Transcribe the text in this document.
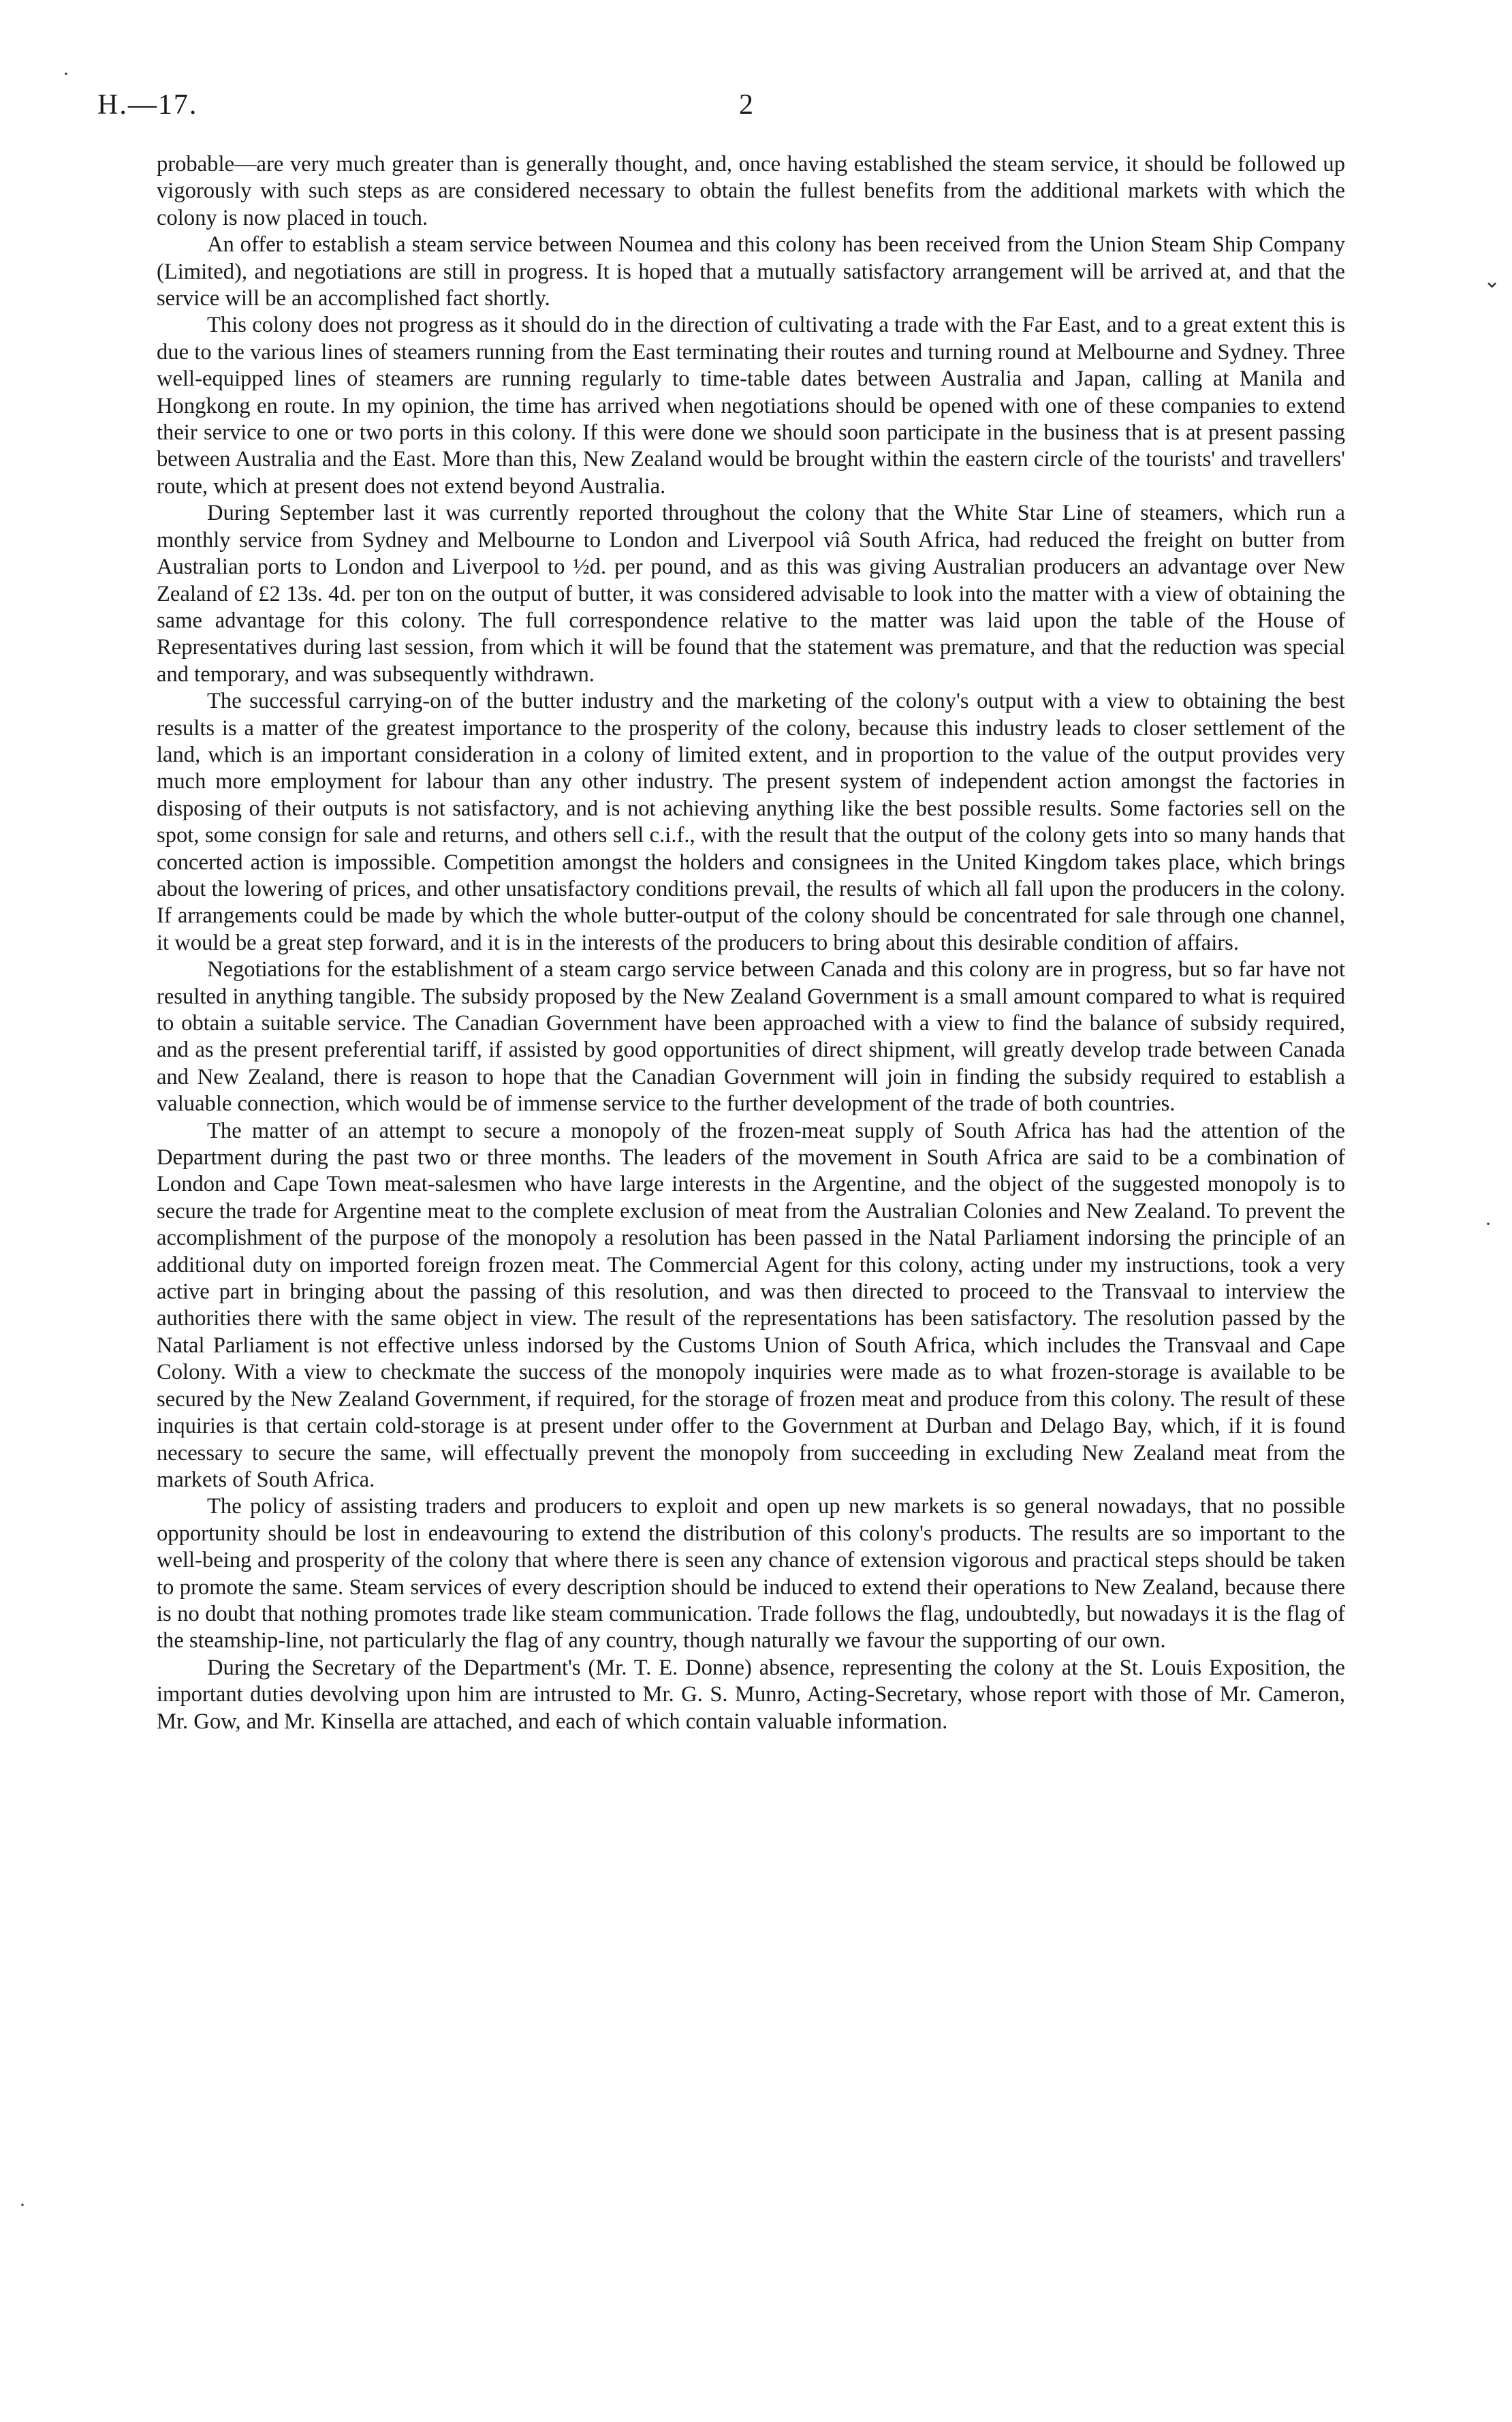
·
⌄
·
·
H.—17.	2

probable—are very much greater than is generally thought, and, once having established the steam service, it should be followed up vigorously with such steps as are considered necessary to obtain the fullest benefits from the additional markets with which the colony is now placed in touch.

An offer to establish a steam service between Noumea and this colony has been received from the Union Steam Ship Company (Limited), and negotiations are still in progress. It is hoped that a mutually satisfactory arrangement will be arrived at, and that the service will be an accomplished fact shortly.

This colony does not progress as it should do in the direction of cultivating a trade with the Far East, and to a great extent this is due to the various lines of steamers running from the East terminating their routes and turning round at Melbourne and Sydney. Three well-equipped lines of steamers are running regularly to time-table dates between Australia and Japan, calling at Manila and Hongkong en route. In my opinion, the time has arrived when negotiations should be opened with one of these companies to extend their service to one or two ports in this colony. If this were done we should soon participate in the business that is at present passing between Australia and the East. More than this, New Zealand would be brought within the eastern circle of the tourists' and travellers' route, which at present does not extend beyond Australia.

During September last it was currently reported throughout the colony that the White Star Line of steamers, which run a monthly service from Sydney and Melbourne to London and Liverpool viâ South Africa, had reduced the freight on butter from Australian ports to London and Liverpool to ½d. per pound, and as this was giving Australian producers an advantage over New Zealand of £2 13s. 4d. per ton on the output of butter, it was considered advisable to look into the matter with a view of obtaining the same advantage for this colony. The full correspondence relative to the matter was laid upon the table of the House of Representatives during last session, from which it will be found that the statement was premature, and that the reduction was special and temporary, and was subsequently withdrawn.

The successful carrying-on of the butter industry and the marketing of the colony's output with a view to obtaining the best results is a matter of the greatest importance to the prosperity of the colony, because this industry leads to closer settlement of the land, which is an important consideration in a colony of limited extent, and in proportion to the value of the output provides very much more employment for labour than any other industry. The present system of independent action amongst the factories in disposing of their outputs is not satisfactory, and is not achieving anything like the best possible results. Some factories sell on the spot, some consign for sale and returns, and others sell c.i.f., with the result that the output of the colony gets into so many hands that concerted action is impossible. Competition amongst the holders and consignees in the United Kingdom takes place, which brings about the lowering of prices, and other unsatisfactory conditions prevail, the results of which all fall upon the producers in the colony. If arrangements could be made by which the whole butter-output of the colony should be concentrated for sale through one channel, it would be a great step forward, and it is in the interests of the producers to bring about this desirable condition of affairs.

Negotiations for the establishment of a steam cargo service between Canada and this colony are in progress, but so far have not resulted in anything tangible. The subsidy proposed by the New Zealand Government is a small amount compared to what is required to obtain a suitable service. The Canadian Government have been approached with a view to find the balance of subsidy required, and as the present preferential tariff, if assisted by good opportunities of direct shipment, will greatly develop trade between Canada and New Zealand, there is reason to hope that the Canadian Government will join in finding the subsidy required to establish a valuable connection, which would be of immense service to the further development of the trade of both countries.

The matter of an attempt to secure a monopoly of the frozen-meat supply of South Africa has had the attention of the Department during the past two or three months. The leaders of the movement in South Africa are said to be a combination of London and Cape Town meat-salesmen who have large interests in the Argentine, and the object of the suggested monopoly is to secure the trade for Argentine meat to the complete exclusion of meat from the Australian Colonies and New Zealand. To prevent the accomplishment of the purpose of the monopoly a resolution has been passed in the Natal Parliament indorsing the principle of an additional duty on imported foreign frozen meat. The Commercial Agent for this colony, acting under my instructions, took a very active part in bringing about the passing of this resolution, and was then directed to proceed to the Transvaal to interview the authorities there with the same object in view. The result of the representations has been satisfactory. The resolution passed by the Natal Parliament is not effective unless indorsed by the Customs Union of South Africa, which includes the Transvaal and Cape Colony. With a view to checkmate the success of the monopoly inquiries were made as to what frozen-storage is available to be secured by the New Zealand Government, if required, for the storage of frozen meat and produce from this colony. The result of these inquiries is that certain cold-storage is at present under offer to the Government at Durban and Delago Bay, which, if it is found necessary to secure the same, will effectually prevent the monopoly from succeeding in excluding New Zealand meat from the markets of South Africa.

The policy of assisting traders and producers to exploit and open up new markets is so general nowadays, that no possible opportunity should be lost in endeavouring to extend the distribution of this colony's products. The results are so important to the well-being and prosperity of the colony that where there is seen any chance of extension vigorous and practical steps should be taken to promote the same. Steam services of every description should be induced to extend their operations to New Zealand, because there is no doubt that nothing promotes trade like steam communication. Trade follows the flag, undoubtedly, but nowadays it is the flag of the steamship-line, not particularly the flag of any country, though naturally we favour the supporting of our own.

During the Secretary of the Department's (Mr. T. E. Donne) absence, representing the colony at the St. Louis Exposition, the important duties devolving upon him are intrusted to Mr. G. S. Munro, Acting-Secretary, whose report with those of Mr. Cameron, Mr. Gow, and Mr. Kinsella are attached, and each of which contain valuable information.
